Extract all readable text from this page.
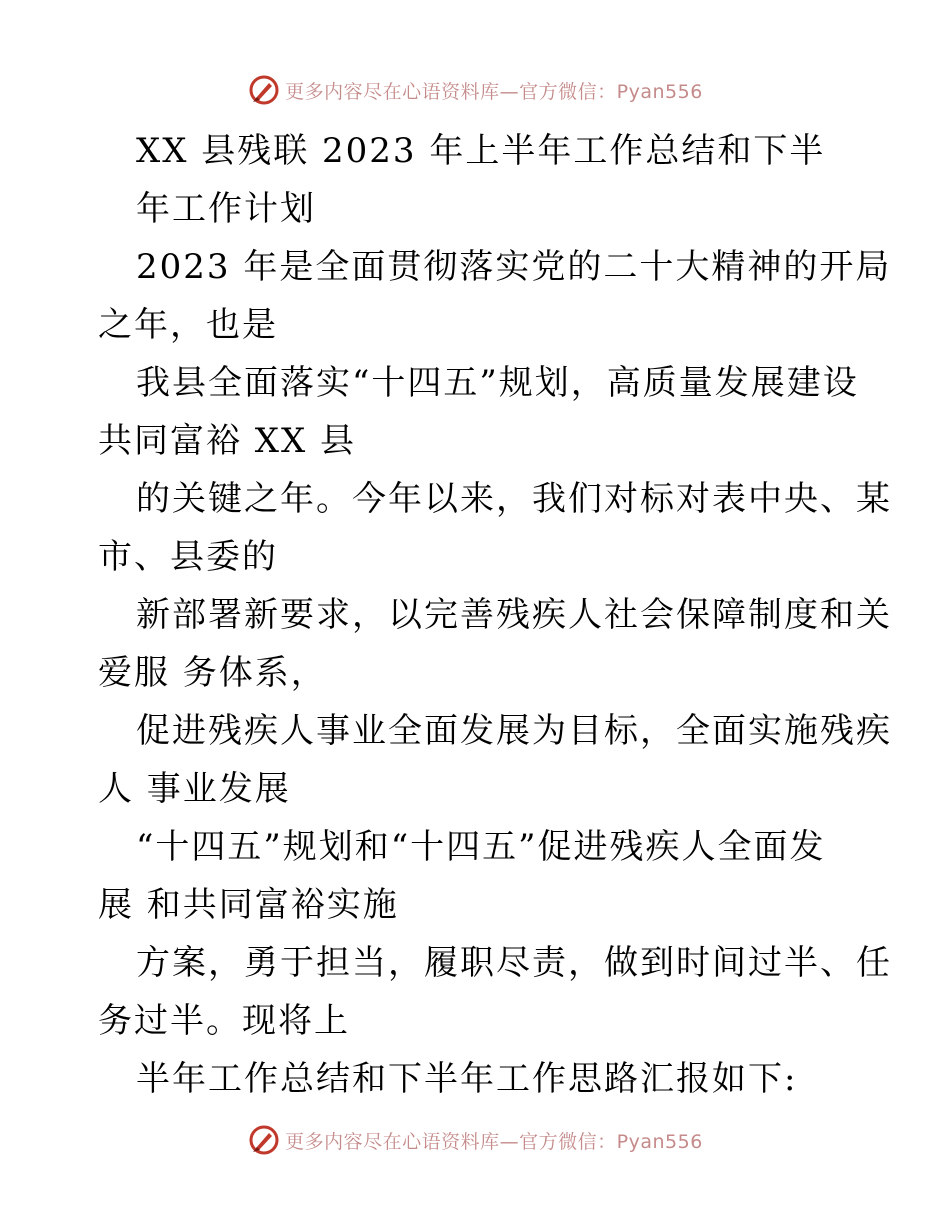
更多内容尽在心语资料库—官方微信：Pyan556
XX 县残联 2023 年上半年工作总结和下半
年工作计划
2023 年是全面贯彻落实党的二十大精神的开局
之年，也是
我县全面落实“十四五”规划，高质量发展建设
共同富裕 XX 县
的关键之年。今年以来，我们对标对表中央、某
市、县委的
新部署新要求，以完善残疾人社会保障制度和关
爱服 务体系，
促进残疾人事业全面发展为目标，全面实施残疾
人 事业发展
“十四五”规划和“十四五”促进残疾人全面发
展 和共同富裕实施
方案，勇于担当，履职尽责，做到时间过半、任
务过半。现将上
半年工作总结和下半年工作思路汇报如下:
更多内容尽在心语资料库—官方微信：Pyan556
